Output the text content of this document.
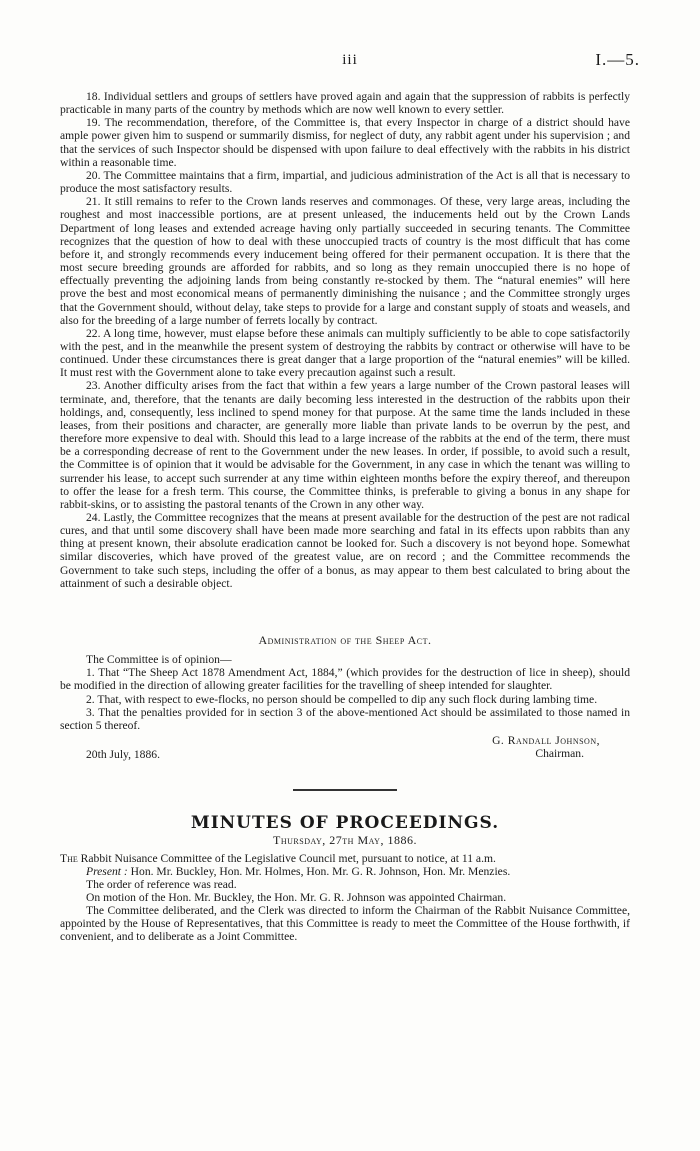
iii	I.—5.

18. Individual settlers and groups of settlers have proved again and again that the suppression of rabbits is perfectly practicable in many parts of the country by methods which are now well known to every settler.

19. The recommendation, therefore, of the Committee is, that every Inspector in charge of a district should have ample power given him to suspend or summarily dismiss, for neglect of duty, any rabbit agent under his supervision ; and that the services of such Inspector should be dispensed with upon failure to deal effectively with the rabbits in his district within a reasonable time.

20. The Committee maintains that a firm, impartial, and judicious administration of the Act is all that is necessary to produce the most satisfactory results.

21. It still remains to refer to the Crown lands reserves and commonages. Of these, very large areas, including the roughest and most inaccessible portions, are at present unleased, the inducements held out by the Crown Lands Department of long leases and extended acreage having only partially succeeded in securing tenants. The Committee recognizes that the question of how to deal with these unoccupied tracts of country is the most difficult that has come before it, and strongly recommends every inducement being offered for their permanent occupation. It is there that the most secure breeding grounds are afforded for rabbits, and so long as they remain unoccupied there is no hope of effectually preventing the adjoining lands from being constantly re-stocked by them. The “natural enemies” will here prove the best and most economical means of permanently diminishing the nuisance ; and the Committee strongly urges that the Government should, without delay, take steps to provide for a large and constant supply of stoats and weasels, and also for the breeding of a large number of ferrets locally by contract.

22. A long time, however, must elapse before these animals can multiply sufficiently to be able to cope satisfactorily with the pest, and in the meanwhile the present system of destroying the rabbits by contract or otherwise will have to be continued. Under these circumstances there is great danger that a large proportion of the “natural enemies” will be killed. It must rest with the Government alone to take every precaution against such a result.

23. Another difficulty arises from the fact that within a few years a large number of the Crown pastoral leases will terminate, and, therefore, that the tenants are daily becoming less interested in the destruction of the rabbits upon their holdings, and, consequently, less inclined to spend money for that purpose. At the same time the lands included in these leases, from their positions and character, are generally more liable than private lands to be overrun by the pest, and therefore more expensive to deal with. Should this lead to a large increase of the rabbits at the end of the term, there must be a corresponding decrease of rent to the Government under the new leases. In order, if possible, to avoid such a result, the Committee is of opinion that it would be advisable for the Government, in any case in which the tenant was willing to surrender his lease, to accept such surrender at any time within eighteen months before the expiry thereof, and thereupon to offer the lease for a fresh term. This course, the Committee thinks, is preferable to giving a bonus in any shape for rabbit-skins, or to assisting the pastoral tenants of the Crown in any other way.

24. Lastly, the Committee recognizes that the means at present available for the destruction of the pest are not radical cures, and that until some discovery shall have been made more searching and fatal in its effects upon rabbits than any thing at present known, their absolute eradication cannot be looked for. Such a discovery is not beyond hope. Somewhat similar discoveries, which have proved of the greatest value, are on record ; and the Committee recommends the Government to take such steps, including the offer of a bonus, as may appear to them best calculated to bring about the attainment of such a desirable object.

Administration of the Sheep Act.

The Committee is of opinion—

1. That “The Sheep Act 1878 Amendment Act, 1884,” (which provides for the destruction of lice in sheep), should be modified in the direction of allowing greater facilities for the travelling of sheep intended for slaughter.

2. That, with respect to ewe-flocks, no person should be compelled to dip any such flock during lambing time.

3. That the penalties provided for in section 3 of the above-mentioned Act should be assimilated to those named in section 5 thereof.

20th July, 1886.
G. Randall Johnson,
Chairman.
MINUTES OF PROCEEDINGS.
Thursday, 27th May, 1886.

The Rabbit Nuisance Committee of the Legislative Council met, pursuant to notice, at 11 a.m.

Present : Hon. Mr. Buckley, Hon. Mr. Holmes, Hon. Mr. G. R. Johnson, Hon. Mr. Menzies.

The order of reference was read.

On motion of the Hon. Mr. Buckley, the Hon. Mr. G. R. Johnson was appointed Chairman.

The Committee deliberated, and the Clerk was directed to inform the Chairman of the Rabbit Nuisance Committee, appointed by the House of Representatives, that this Committee is ready to meet the Committee of the House forthwith, if convenient, and to deliberate as a Joint Committee.
